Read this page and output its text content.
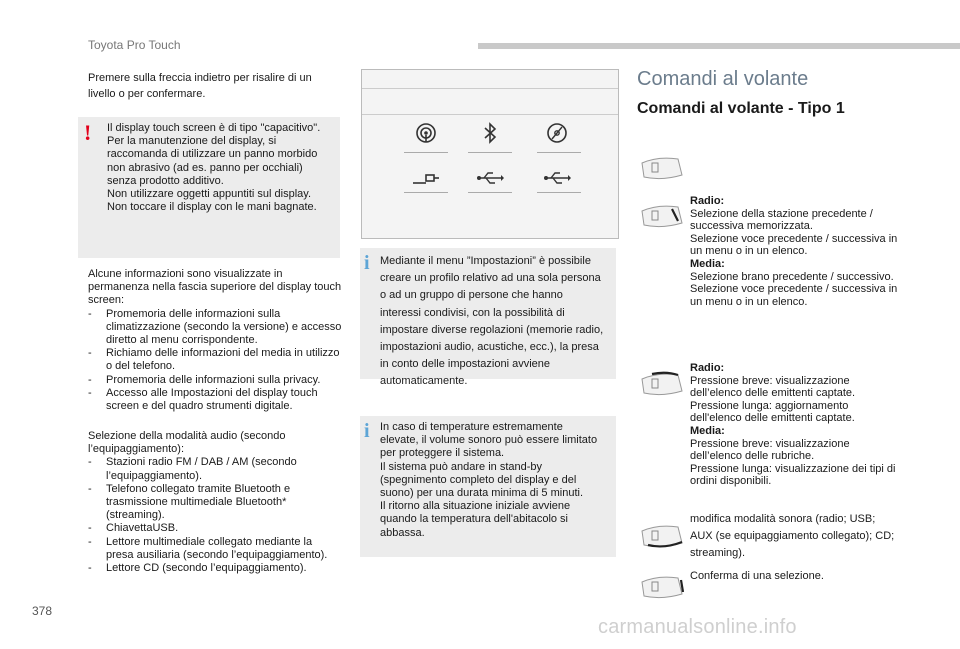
Toyota Pro Touch
Premere sulla freccia indietro per risalire di un livello o per confermare.
! Il display touch screen è di tipo "capacitivo".
Per la manutenzione del display, si raccomanda di utilizzare un panno morbido non abrasivo (ad es. panno per occhiali) senza prodotto additivo.
Non utilizzare oggetti appuntiti sul display.
Non toccare il display con le mani bagnate.
Alcune informazioni sono visualizzate in permanenza nella fascia superiore del display touch screen:
- Promemoria delle informazioni sulla climatizzazione (secondo la versione) e accesso diretto al menu corrispondente.
- Richiamo delle informazioni del media in utilizzo o del telefono.
- Promemoria delle informazioni sulla privacy.
- Accesso alle Impostazioni del display touch screen e del quadro strumenti digitale.
Selezione della modalità audio (secondo l’equipaggiamento):
- Stazioni radio FM / DAB / AM (secondo l’equipaggiamento).
- Telefono collegato tramite Bluetooth e trasmissione multimediale Bluetooth* (streaming).
- ChiavettaUSB.
- Lettore multimediale collegato mediante la presa ausiliaria (secondo l’equipaggiamento).
- Lettore CD (secondo l’equipaggiamento).
i Mediante il menu ”Impostazioni” è possibile creare un profilo relativo ad una sola persona o ad un gruppo di persone che hanno interessi condivisi, con la possibilità di impostare diverse regolazioni (memorie radio, impostazioni audio, acustiche, ecc.), la presa in conto delle impostazioni avviene automaticamente.
i In caso di temperature estremamente elevate, il volume sonoro può essere limitato per proteggere il sistema.
Il sistema può andare in stand-by (spegnimento completo del display e del suono) per una durata minima di 5 minuti.
Il ritorno alla situazione iniziale avviene quando la temperatura dell'abitacolo si abbassa.
Comandi al volante
Comandi al volante - Tipo 1
Radio:
Selezione della stazione precedente / successiva memorizzata.
Selezione voce precedente / successiva in un menu o in un elenco.
Media:
Selezione brano precedente / successivo.
Selezione voce precedente / successiva in un menu o in un elenco.
Radio:
Pressione breve: visualizzazione dell’elenco delle emittenti captate.
Pressione lunga: aggiornamento dell'elenco delle emittenti captate.
Media:
Pressione breve: visualizzazione dell’elenco delle rubriche.
Pressione lunga: visualizzazione dei tipi di ordini disponibili.
modifica modalità sonora (radio; USB; AUX (se equipaggiamento collegato); CD; streaming).
Conferma di una selezione.
378
carmanualsonline.info
